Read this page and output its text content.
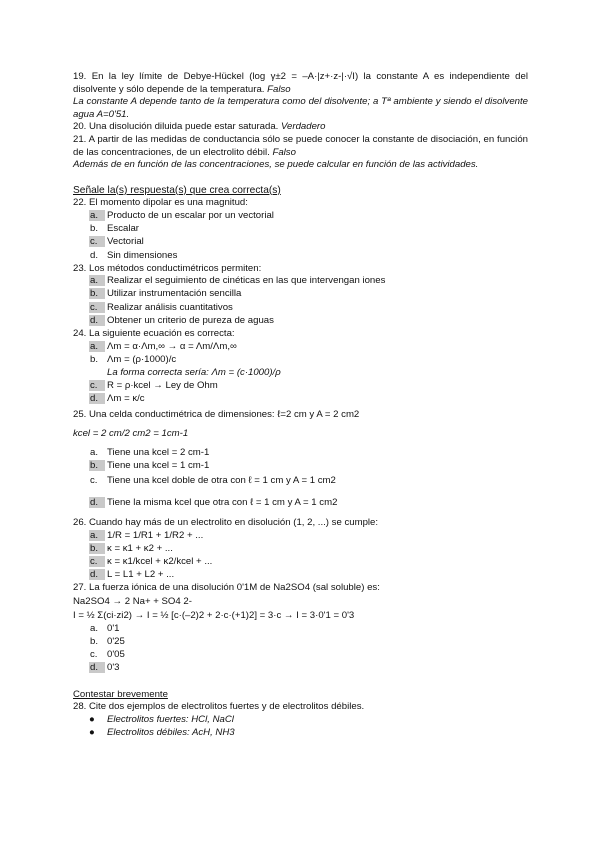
19. En la ley límite de Debye-Hückel (log γ±2 = –A·|z+·z-|·√I) la constante A es independiente del disolvente y sólo depende de la temperatura. Falso

La constante A depende tanto de la temperatura como del disolvente; a Tª ambiente y siendo el disolvente agua A=0'51.

20. Una disolución diluida puede estar saturada. Verdadero

21. A partir de las medidas de conductancia sólo se puede conocer la constante de disociación, en función de las concentraciones, de un electrolito débil. Falso

Además de en función de las concentraciones, se puede calcular en función de las actividades.

Señale la(s) respuesta(s) que crea correcta(s)

22. El momento dipolar es una magnitud:

a. Producto de un escalar por un vectorial
b. Escalar
c. Vectorial
d. Sin dimensiones

23. Los métodos conductimétricos permiten:

a. Realizar el seguimiento de cinéticas en las que intervengan iones
b. Utilizar instrumentación sencilla
c. Realizar análisis cuantitativos
d. Obtener un criterio de pureza de aguas

24. La siguiente ecuación es correcta:

a. Λm = α·Λm,∞ → α = Λm/Λm,∞
b. Λm = (ρ·1000)/c

La forma correcta sería: Λm = (c·1000)/ρ

c. R = ρ·kcel → Ley de Ohm
d. Λm = κ/c

25. Una celda conductimétrica de dimensiones: ℓ=2 cm y A = 2 cm2

kcel = 2 cm/2 cm2 = 1cm-1

a. Tiene una kcel = 2 cm-1
b. Tiene una kcel = 1 cm-1
c. Tiene una kcel doble de otra con ℓ = 1 cm y A = 1 cm2
d. Tiene la misma kcel que otra con ℓ = 1 cm y A = 1 cm2

26. Cuando hay más de un electrolito en disolución (1, 2, ...) se cumple:

a. 1/R = 1/R1 + 1/R2 + ...
b. κ = κ1 + κ2 + ...
c. κ = κ1/kcel + κ2/kcel + ...
d. L = L1 + L2 + ...

27. La fuerza iónica de una disolución 0'1M de Na2SO4 (sal soluble) es:

Na2SO4 → 2 Na+ + SO4 2-

I = ½ Σ(ci·zi2) → I = ½ [c·(–2)2 + 2·c·(+1)2] = 3·c → I = 3·0'1 = 0'3

a. 0'1
b. 0'25
c. 0'05
d. 0'3

Contestar brevemente

28. Cite dos ejemplos de electrolitos fuertes y de electrolitos débiles.

● Electrolitos fuertes: HCl, NaCl
● Electrolitos débiles: AcH, NH3
